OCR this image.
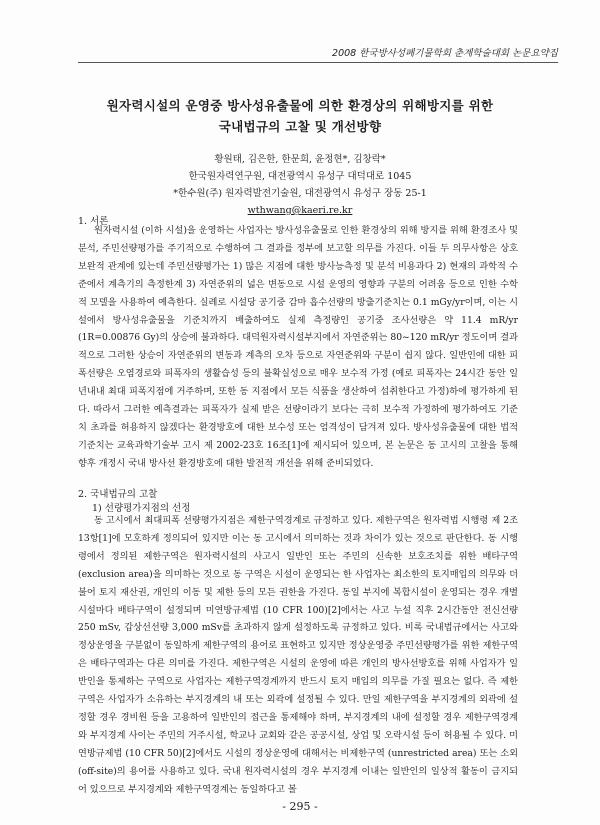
2008 한국방사성폐기물학회 춘계학술대회 논문요약집
원자력시설의 운영중 방사성유출물에 의한 환경상의 위해방지를 위한
국내법규의 고찰 및 개선방향
황원태, 김은한, 한문희, 윤정현*, 김창락*
한국원자력연구원, 대전광역시 유성구 대덕대로 1045
*한수원(주) 원자력발전기술원, 대전광역시 유성구 장동 25-1
wthwang@kaeri.re.kr
1. 서론
원자력시설 (이하 시설)을 운영하는 사업자는 방사성유출물로 인한 환경상의 위해 방지를 위해 환경조사 및 분석, 주민선량평가를 주기적으로 수행하여 그 결과를 정부에 보고할 의무를 가진다. 이들 두 의무사항은 상호 보완적 관계에 있는데 주민선량평가는 1) 많은 지점에 대한 방사능측정 및 분석 비용과다 2) 현재의 과학적 수준에서 계측기의 측정한계 3) 자연준위의 넓은 변동으로 시설 운영의 영향과 구분의 어려움 등으로 인한 수학적 모델을 사용하여 예측한다. 실례로 시설당 공기중 감마 흡수선량의 방출기준치는 0.1 mGy/yr이며, 이는 시설에서 방사성유출물을 기준치까지 배출하여도 실제 측정량인 공기중 조사선량은 약 11.4 mR/yr (1R=0.00876 Gy)의 상승에 불과하다. 대덕원자력시설부지에서 자연준위는 80~120 mR/yr 정도이며 결과적으로 그러한 상승이 자연준위의 변동과 계측의 오차 등으로 자연준위와 구분이 쉽지 않다. 일반인에 대한 피폭선량은 오염경로와 피폭자의 생활습성 등의 불확실성으로 매우 보수적 가정 (예로 피폭자는 24시간 동안 일년내내 최대 피폭지점에 거주하며, 또한 동 지점에서 모든 식품을 생산하여 섭취한다고 가정)하에 평가하게 된다. 따라서 그러한 예측결과는 피폭자가 실제 받은 선량이라기 보다는 극히 보수적 가정하에 평가하여도 기준치 초과를 허용하지 않겠다는 환경방호에 대한 보수성 또는 엄격성이 담겨져 있다. 방사성유출물에 대한 법적 기준치는 교육과학기술부 고시 제 2002-23호 16조[1]에 제시되어 있으며, 본 논문은 동 고시의 고찰을 통해 향후 개정시 국내 방사선 환경방호에 대한 발전적 개선을 위해 준비되었다.
2. 국내법규의 고찰
1) 선량평가지점의 선정
동 고시에서 최대피폭 선량평가지점은 제한구역경계로 규정하고 있다. 제한구역은 원자력법 시행령 제 2조 13항[1]에 모호하게 정의되어 있지만 이는 동 고시에서 의미하는 것과 차이가 있는 것으로 판단한다. 동 시행령에서 정의된 제한구역은 원자력시설의 사고시 일반인 또는 주민의 신속한 보호조치를 위한 배타구역 (exclusion area)을 의미하는 것으로 동 구역은 시설이 운영되는 한 사업자는 최소한의 토지매입의 의무와 더불어 토지 재산권, 개인의 이동 및 제한 등의 모든 권한을 가진다. 동일 부지에 복합시설이 운영되는 경우 개별 시설마다 배타구역이 설정되며 미연방규제법 (10 CFR 100)[2]에서는 사고 누설 직후 2시간동안 전신선량 250 mSv, 갑상선선량 3,000 mSv를 초과하지 않게 설정하도록 규정하고 있다. 비록 국내법규에서는 사고와 정상운영을 구분없이 동일하게 제한구역의 용어로 표현하고 있지만 정상운영중 주민선량평가를 위한 제한구역은 배타구역과는 다른 의미를 가진다. 제한구역은 시설의 운영에 따른 개인의 방사선방호를 위해 사업자가 일반인을 통제하는 구역으로 사업자는 제한구역경계까지 반드시 토지 매입의 의무를 가질 필요는 없다. 즉 제한구역은 사업자가 소유하는 부지경계의 내 또는 외곽에 설정될 수 있다. 만일 제한구역을 부지경계의 외곽에 설정할 경우 경비원 등을 고용하여 일반인의 접근을 통제해야 하며, 부지경계의 내에 설정할 경우 제한구역경계와 부지경계 사이는 주민의 거주시설, 학교나 교회와 같은 공공시설, 상업 및 오락시설 등이 허용될 수 있다. 미연방규제법 (10 CFR 50)[2]에서도 시설의 정상운영에 대해서는 비제한구역 (unrestricted area) 또는 소외 (off-site)의 용어를 사용하고 있다. 국내 원자력시설의 경우 부지경계 이내는 일반인의 일상적 활동이 금지되어 있으므로 부지경계와 제한구역경계는 동일하다고 볼
- 295 -
